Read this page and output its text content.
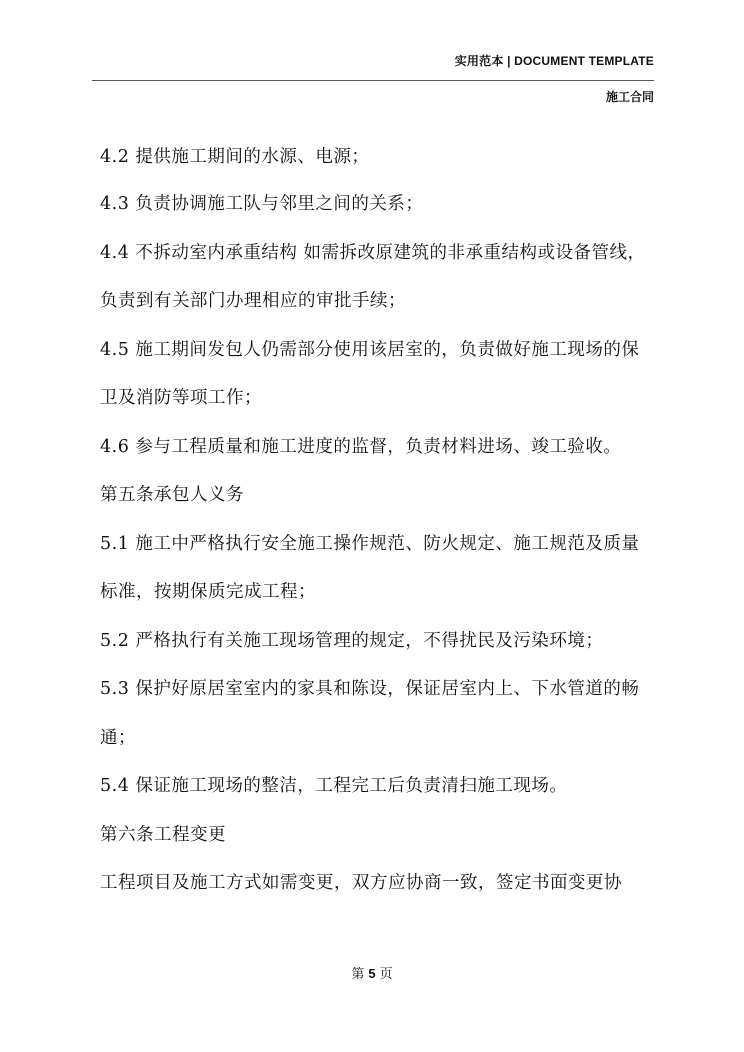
实用范本 | DOCUMENT TEMPLATE
施工合同
4.2 提供施工期间的水源、电源；
4.3 负责协调施工队与邻里之间的关系；
4.4 不拆动室内承重结构 如需拆改原建筑的非承重结构或设备管线，
负责到有关部门办理相应的审批手续；
4.5 施工期间发包人仍需部分使用该居室的，负责做好施工现场的保
卫及消防等项工作；
4.6 参与工程质量和施工进度的监督，负责材料进场、竣工验收。
第五条承包人义务
5.1 施工中严格执行安全施工操作规范、防火规定、施工规范及质量
标准，按期保质完成工程；
5.2 严格执行有关施工现场管理的规定，不得扰民及污染环境；
5.3 保护好原居室室内的家具和陈设，保证居室内上、下水管道的畅
通；
5.4 保证施工现场的整洁，工程完工后负责清扫施工现场。
第六条工程变更
工程项目及施工方式如需变更，双方应协商一致，签定书面变更协
第 5 页
